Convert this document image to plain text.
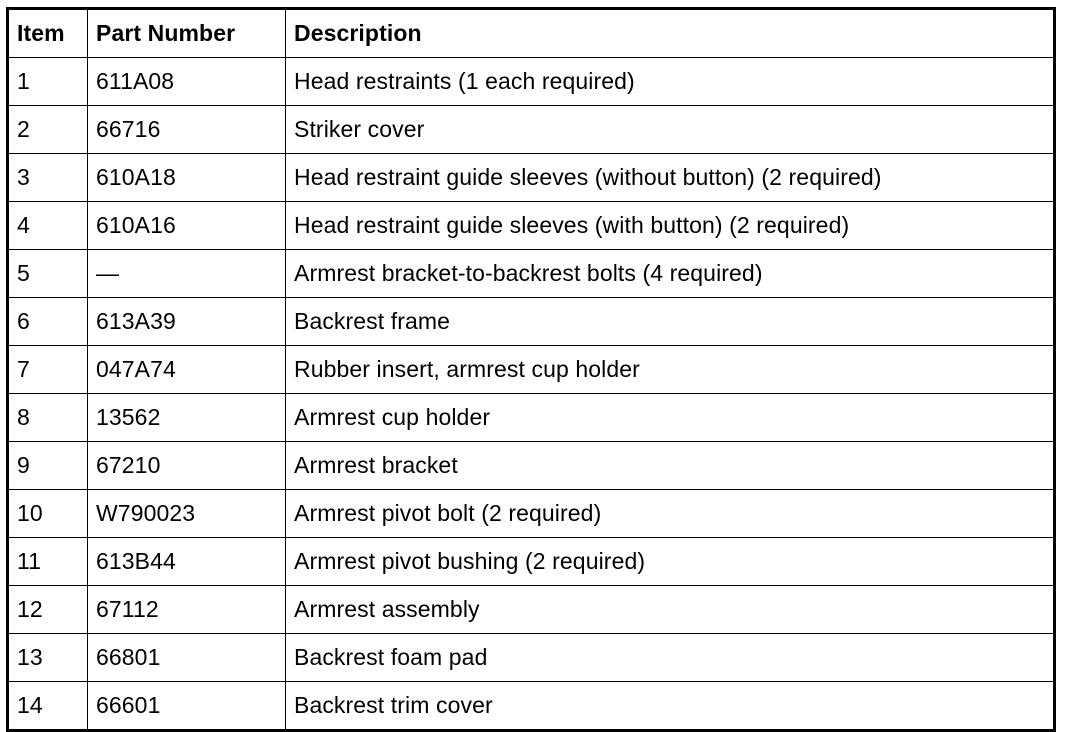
Item	Part Number	Description
1	611A08	Head restraints (1 each required)
2	66716	Striker cover
3	610A18	Head restraint guide sleeves (without button) (2 required)
4	610A16	Head restraint guide sleeves (with button) (2 required)
5	—	Armrest bracket-to-backrest bolts (4 required)
6	613A39	Backrest frame
7	047A74	Rubber insert, armrest cup holder
8	13562	Armrest cup holder
9	67210	Armrest bracket
10	W790023	Armrest pivot bolt (2 required)
11	613B44	Armrest pivot bushing (2 required)
12	67112	Armrest assembly
13	66801	Backrest foam pad
14	66601	Backrest trim cover
